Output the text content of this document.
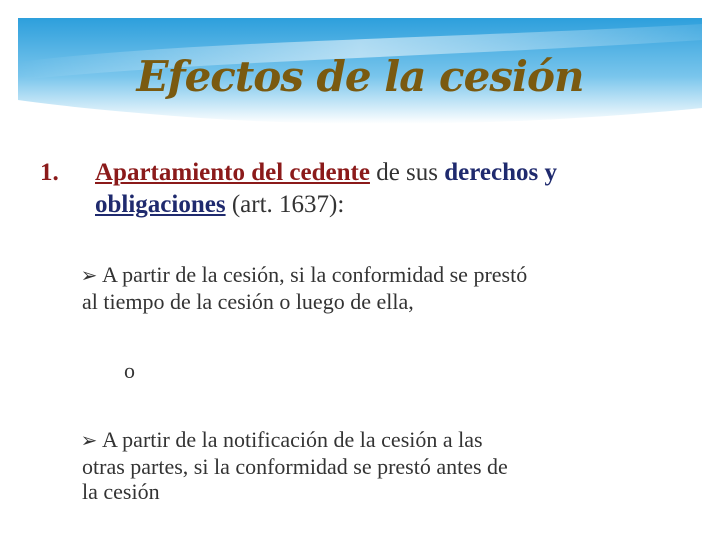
Efectos de la cesión
1. Apartamiento del cedente de sus derechos y
obligaciones (art. 1637):
➢ A partir de la cesión, si la conformidad se prestó
al tiempo de la cesión o luego de ella,
o
➢ A partir de la notificación de la cesión a las
otras partes, si la conformidad se prestó antes de
la cesión
